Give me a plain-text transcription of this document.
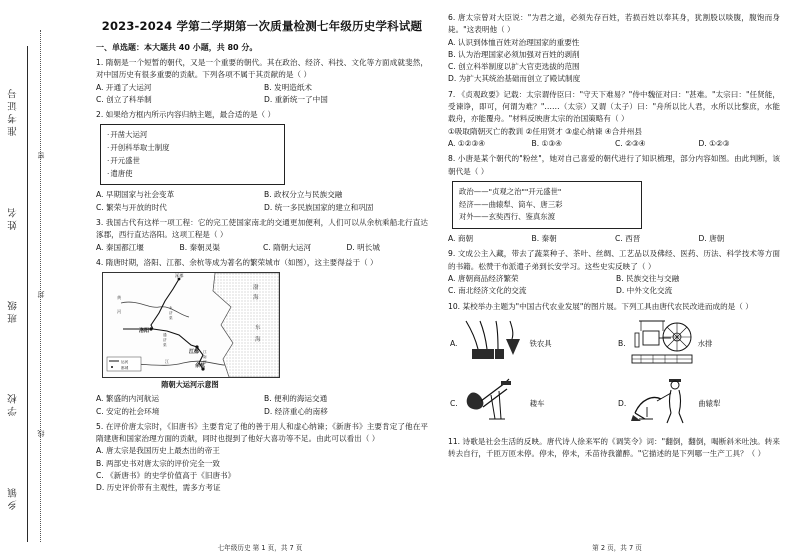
准考证号
姓名
班级
学校
乡镇
密
封
线
2023-2024 学第二学期第一次质量检测七年级历史学科试题
一、单选题：本大题共 40 小题，共 80 分。
1. 隋朝是一个短暂的朝代，又是一个重要的朝代。其在政治、经济、科技、文化等方面成就斐然，对中国历史有很多重要的贡献。下列各项不属于其贡献的是（ ）
A. 开通了大运河	B. 发明造纸术
C. 创立了科举制	D. 重新统一了中国
2. 如果给方框内所示内容归纳主题，最合适的是（ ）
·开凿大运河
·开创科举取士制度
·开元盛世
·遣唐使
A. 早期国家与社会变革	B. 政权分立与民族交融
C. 繁荣与开放的时代	D. 统一多民族国家的建立和巩固
3. 我国古代有这样一项工程：它的完工使国家南北的交通更加便利，人们可以从余杭乘船北行直达涿郡，西行直达洛阳。这项工程是（ ）
A. 秦国都江堰	B. 秦朝灵渠	C. 隋朝大运河	D. 明长城
4. 隋唐时期，洛阳、江都、余杭等成为著名的繁荣城市（如图），这主要得益于（ ）
涿郡
洛阳
江都
余杭
渤
海
东
海
黄
河
江
永
济
渠
通
济
渠
江
南
河
运河
都城
隋朝大运河示意图
A. 繁盛的内河航运	B. 便利的海运交通
C. 安定的社会环境	D. 经济重心的南移
5. 在评价唐太宗时，《旧唐书》主要肯定了他的善于用人和虚心纳谏；《新唐书》主要肯定了他在平隋建唐和国家治理方面的贡献，同时也提到了他好大喜功等不足。由此可以看出（ ）
A. 唐太宗是我国历史上最杰出的帝王
B. 两部史书对唐太宗的评价完全一致
C. 《新唐书》的史学价值高于《旧唐书》
D. 历史评价带有主观性，需多方考证
七年级历史 第 1 页，共 7 页
6. 唐太宗曾对大臣说："为君之道，必须先存百姓，若损百姓以奉其身，犹割股以啖腹，腹饱而身毙。"这表明他（ ）
A. 认识到体恤百姓对治理国家的重要性
B. 认为治理国家必须加强对百姓的剥削
C. 创立科举制度以扩大官吏选拔的范围
D. 为扩大其统治基础而创立了殿试制度
7. 《贞观政要》记载：太宗谓侍臣曰："守天下难易？"侍中魏征对曰："甚难。"太宗曰："任贤能，受谏诤，即可，何谓为难？"……（太宗）又谓（太子）曰："舟所以比人君，水所以比黎庶，水能载舟，亦能覆舟。"材料反映唐太宗的治国策略有（ ）
①吸取隋朝灭亡的教训 ②任用贤才 ③虚心纳谏 ④合并州县
A. ①②③④	B. ①③④	C. ②③④	D. ①②③
8. 小唐是某个朝代的"粉丝"，她对自己喜爱的朝代进行了知识梳理，部分内容如图。由此判断，该朝代是（ ）
政治——"贞观之治""开元盛世"
经济——曲辕犁、筒车、唐三彩
对外——玄奘西行、鉴真东渡
A. 商朝	B. 秦朝	C. 西晋	D. 唐朝
9. 文成公主入藏，带去了蔬菜种子、茶叶、丝绸、工艺品以及佛经、医药、历法、科学技术等方面的书籍。松赞干布派遣子弟到长安学习。这些史实反映了（ ）
A. 唐朝商品经济繁荣	B. 民族交往与交融
C. 南北经济文化的交流	D. 中外文化交流
10. 某校举办主题为"中国古代农业发展"的图片展。下列工具由唐代农民改进而成的是（ ）
A.	铁农具	B.	水排
C.	耧车	D.	曲辕犁
11. 诗歌是社会生活的反映。唐代诗人徐来军的《调笑令》词："翻倒，翻倒，喝断斜米吐浊。转来转去自行，千匝万匝未停。停未，停未，禾苗待我灌醉。"它描述的是下列哪一生产工具？（ ）
第 2 页，共 7 页
